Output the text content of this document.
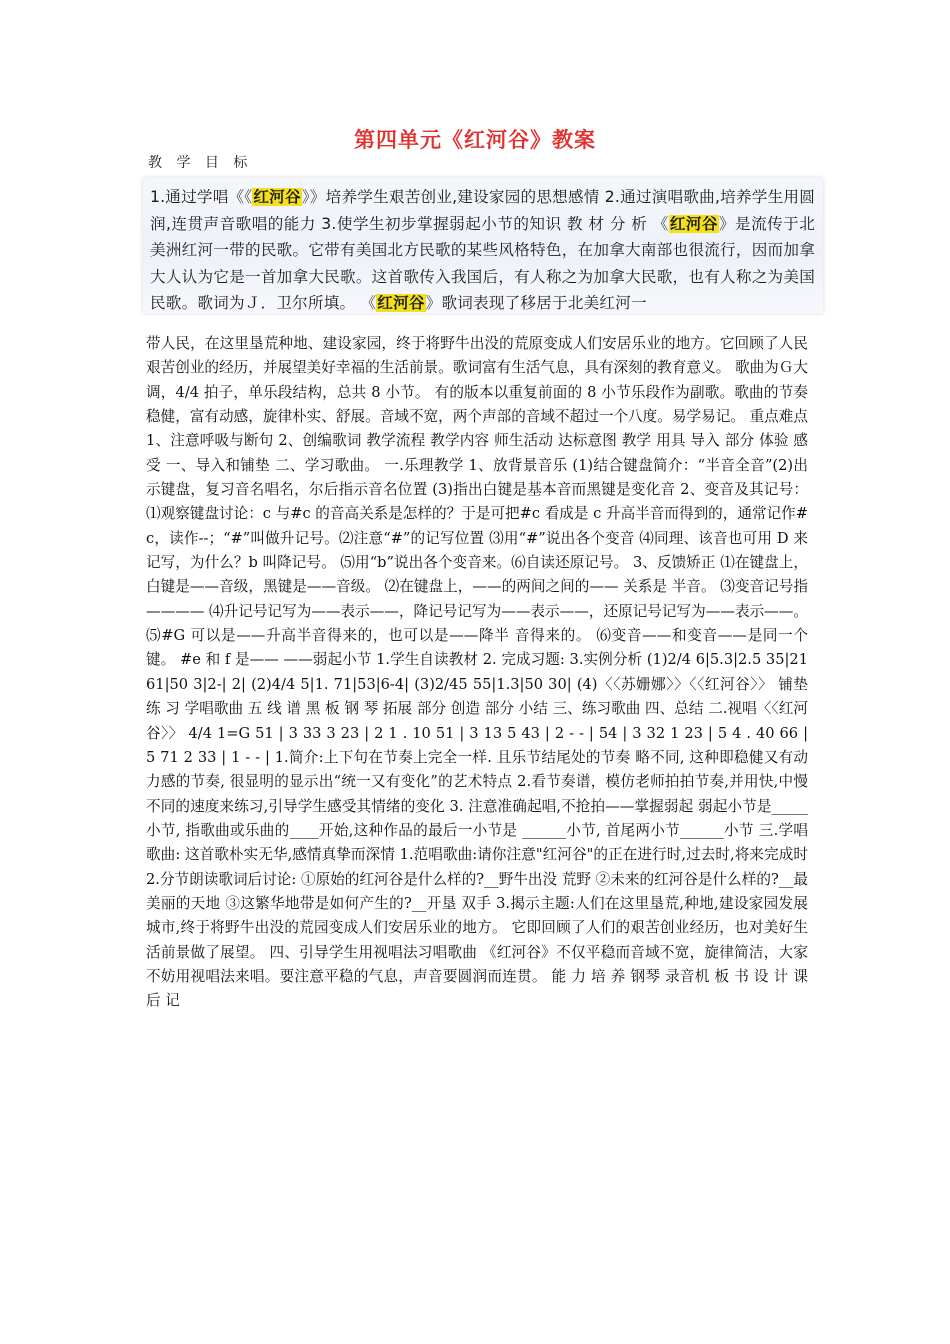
第四单元《红河谷》教案
教 学 目 标
1.通过学唱《《红河谷》》培养学生艰苦创业,建设家园的思想感情 2.通过演唱歌曲,培养学生用圆润,连贯声音歌唱的能力 3.使学生初步掌握弱起小节的知识 教 材 分 析 《红河谷》是流传于北美洲红河一带的民歌。它带有美国北方民歌的某些风格特色，在加拿大南部也很流行，因而加拿大人认为它是一首加拿大民歌。这首歌传入我国后，有人称之为加拿大民歌，也有人称之为美国民歌。歌词为Ｊ．卫尔所填。 《红河谷》歌词表现了移居于北美红河一
带人民，在这里垦荒种地、建设家园，终于将野牛出没的荒原变成人们安居乐业的地方。它回顾了人民艰苦创业的经历，并展望美好幸福的生活前景。歌词富有生活气息，具有深刻的教育意义。 歌曲为Ｇ大调，4/4 拍子，单乐段结构，总共 8 小节。 有的版本以重复前面的 8 小节乐段作为副歌。歌曲的节奏稳健，富有动感，旋律朴实、舒展。音域不宽，两个声部的音域不超过一个八度。易学易记。 重点难点 1、注意呼吸与断句 2、创编歌词 教学流程 教学内容 师生活动 达标意图 教学 用具 导入 部分 体验 感受 一、导入和铺垫 二、学习歌曲。 一.乐理教学 1、放背景音乐 (1)结合键盘简介：“半音全音”(2)出示键盘，复习音名唱名，尔后指示音名位置 (3)指出白键是基本音而黑键是变化音 2、变音及其记号：⑴观察键盘讨论：c 与#c 的音高关系是怎样的？于是可把#c 看成是 c 升高半音而得到的，通常记作#c，读作--；“#”叫做升记号。⑵注意“#”的记写位置 ⑶用“#”说出各个变音 ⑷同理、该音也可用 D 来记写，为什么？b 叫降记号。 ⑸用“b”说出各个变音来。⑹自读还原记号。 3、反馈矫正 ⑴在键盘上，白键是——音级，黑键是——音级。 ⑵在键盘上，——的两间之间的—— 关系是 半音。 ⑶变音记号指———— ⑷升记号记写为——表示——，降记号记写为——表示——，还原记号记写为——表示——。 ⑸#G 可以是——升高半音得来的，也可以是——降半 音得来的。 ⑹变音——和变音——是同一个键。 #e 和 f 是—— ——弱起小节 1.学生自读教材 2. 完成习题: 3.实例分析 (1)2/4 6|5.3|2.5 35|21 61|50 3|2-| 2| (2)4/4 5|1. 71|53|6-4| (3)2/45 55|1.3|50 30| (4)〈〈苏姗娜〉〉〈〈红河谷〉〉 铺垫 练 习 学唱歌曲 五 线 谱 黑 板 钢 琴 拓展 部分 创造 部分 小结 三、练习歌曲 四、总结 二.视唱〈〈红河谷〉〉 4/4 1=G 51 | 3 33 3 23 | 2 1 . 10 51 | 3 13 5 43 | 2 - - | 54 | 3 32 1 23 | 5 4 . 40 66 | 5 71 2 33 | 1 - - | 1.简介:上下句在节奏上完全一样. 且乐节结尾处的节奏 略不同, 这种即稳健又有动力感的节奏, 很显明的显示出“统一又有变化”的艺术特点 2.看节奏谱，模仿老师拍拍节奏,并用快,中慢不同的速度来练习,引导学生感受其情绪的变化 3. 注意准确起唱,不抢拍——掌握弱起 弱起小节是_____ 小节, 指歌曲或乐曲的____开始,这种作品的最后一小节是 ______小节, 首尾两小节______小节 三.学唱歌曲: 这首歌朴实无华,感情真挚而深情 1.范唱歌曲:请你注意"红河谷"的正在进行时,过去时,将来完成时 2.分节朗读歌词后讨论: ①原始的红河谷是什么样的?__野牛出没 荒野 ②未来的红河谷是什么样的?__最美丽的天地 ③这繁华地带是如何产生的?__开垦 双手 3.揭示主题:人们在这里垦荒,种地,建设家园发展城市,终于将野牛出没的荒园变成人们安居乐业的地方。 它即回顾了人们的艰苦创业经历，也对美好生活前景做了展望。 四、引导学生用视唱法习唱歌曲 《红河谷》不仅平稳而音域不宽，旋律简洁，大家不妨用视唱法来唱。要注意平稳的气息，声音要圆润而连贯。 能 力 培 养 钢琴 录音机 板 书 设 计 课 后 记
